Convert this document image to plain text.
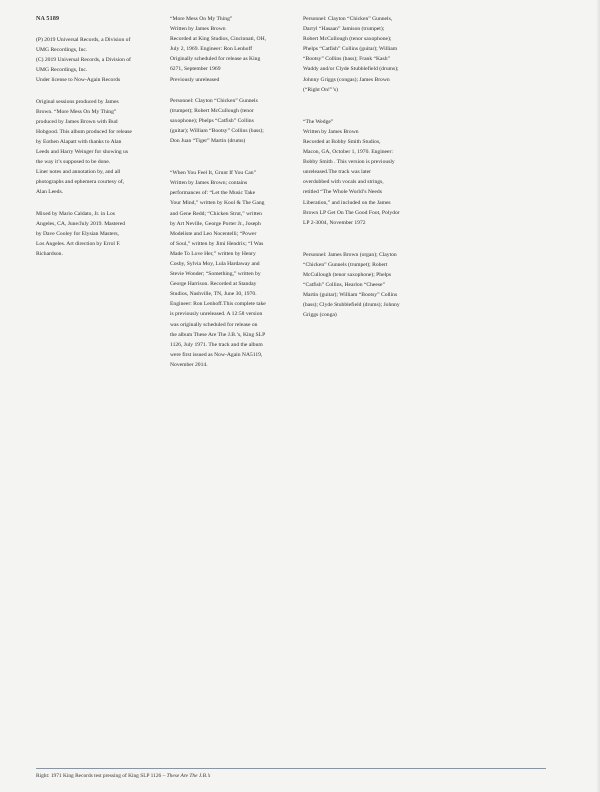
NA 5189

(P) 2019 Universal Records, a Division of

UMG Recordings, Inc.

(C) 2019 Universal Records, a Division of

UMG Recordings, Inc.

Under license to Now-Again Records

Original sessions produced by James

Brown. “More Mess On My Thing”

produced by James Brown with Bud

Hobgood. This album produced for release

by Eothen Alapatt with thanks to Alan

Leeds and Harry Weinger for showing us

the way it’s supposed to be done.

Liner notes and annotation by, and all

photographs and ephemera courtesy of,

Alan Leeds.

Mixed by Mario Caldato, Jr. in Los

Angeles, CA, June/July 2019. Mastered

by Dave Cooley for Elysian Masters,

Los Angeles. Art direction by Errol F.

Richardson.

“More Mess On My Thing”

Written by James Brown

Recorded at King Studios, Cincinnati, OH,

July 2, 1969. Engineer: Ron Lenhoff

Originally scheduled for release as King

6271, September 1969

Previously unreleased

Personnel: Clayton “Chicken” Gunnels

(trumpet); Robert McCullough (tenor

saxophone); Phelps “Catfish” Collins

(guitar); William “Bootsy” Collins (bass);

Don Juan “Tiger” Martin (drums)

“When You Feel It, Grunt If You Can”

Written by James Brown; contains

performances of: “Let the Music Take

Your Mind,” written by Kool & The Gang

and Gene Redd; “Chicken Strut,” written

by Art Neville, George Porter Jr., Joseph

Modeliste and Leo Nocentelli; “Power

of Soul,” written by Jimi Hendrix; “I Was

Made To Love Her,” written by Henry

Cosby, Sylvia Moy, Lula Hardaway and

Stevie Wonder; “Something,” written by

George Harrison. Recorded at Standay

Studios, Nashville, TN, June 30, 1970.

Engineer: Ron Lenhoff.This complete take

is previously unreleased. A 12:58 version

was originally scheduled for release on

the album These Are The J.B.’s, King SLP

1126, July 1971. The track and the album

were first issued as Now-Again NA5119,

November 2014.

Personnel: Clayton “Chicken” Gunnels,

Darryl “Hasaan” Jamison (trumpet);

Robert McCullough (tenor saxophone);

Phelps “Catfish” Collins (guitar); William

“Bootsy” Collins (bass); Frank “Kash”

Waddy and/or Clyde Stubblefield (drums);

Johnny Griggs (congas); James Brown

(“Right On!”’s)

“The Wedge”

Written by James Brown

Recorded at Bobby Smith Studios,

Macon, GA, October 1, 1970. Engineer:

Bobby Smith . This version is previously

unreleased.The track was later

overdubbed with vocals and strings,

retitled “The Whole World’s Needs

Liberation,” and included on the James

Brown LP Get On The Good Foot, Polydor

LP 2-3004, November 1972

Personnel: James Brown (organ); Clayton

“Chicken” Gunnels (trumpet); Robert

McCullough (tenor saxophone); Phelps

“Catfish” Collins, Hearlon “Cheese”

Martin (guitar); William “Bootsy” Collins

(bass); Clyde Stubblefield (drums); Johnny

Griggs (conga)

Right: 1971 King Records test pressing of King SLP 1126 – These Are The J.B.’s
